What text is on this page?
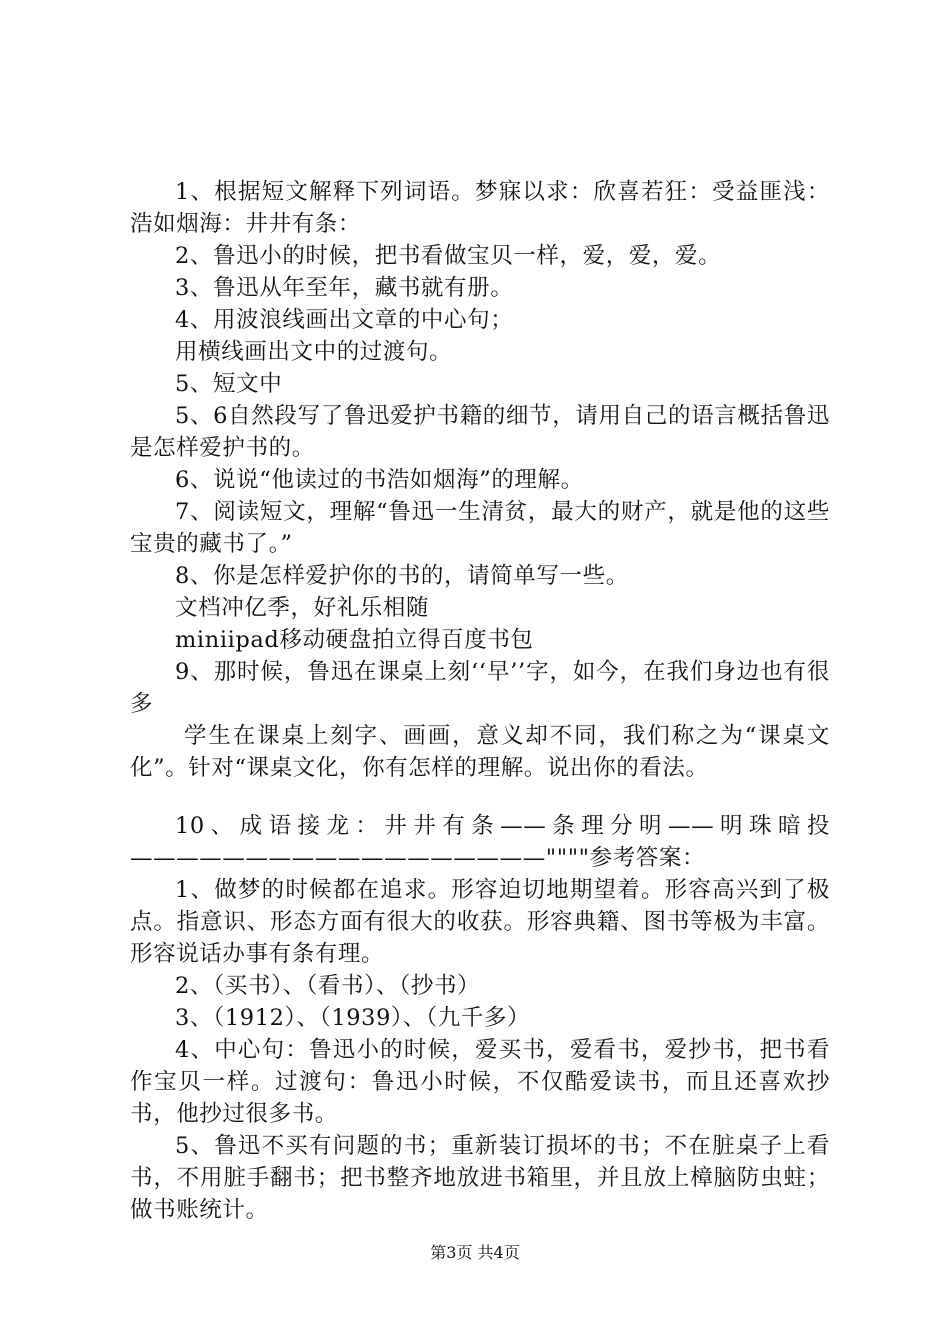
1、根据短文解释下列词语。梦寐以求：欣喜若狂：受益匪浅：浩如烟海：井井有条：

2、鲁迅小的时候，把书看做宝贝一样，爱，爱，爱。

3、鲁迅从年至年，藏书就有册。

4、用波浪线画出文章的中心句；

用横线画出文中的过渡句。

5、短文中

5、6自然段写了鲁迅爱护书籍的细节，请用自己的语言概括鲁迅是怎样爱护书的。

6、说说“他读过的书浩如烟海”的理解。

7、阅读短文，理解“鲁迅一生清贫，最大的财产，就是他的这些宝贵的藏书了。”

8、你是怎样爱护你的书的，请简单写一些。

文档冲亿季，好礼乐相随

miniipad移动硬盘拍立得百度书包

9、那时候，鲁迅在课桌上刻‘‘早’’字，如今，在我们身边也有很多

学生在课桌上刻字、画画，意义却不同，我们称之为“课桌文化”。针对“课桌文化，你有怎样的理解。说出你的看法。

10、成语接龙：井井有条——条理分明——明珠暗投——————————————————""""参考答案：

1、做梦的时候都在追求。形容迫切地期望着。形容高兴到了极点。指意识、形态方面有很大的收获。形容典籍、图书等极为丰富。形容说话办事有条有理。

2、（买书）、（看书）、（抄书）

3、（1912）、（1939）、（九千多）

4、中心句：鲁迅小的时候，爱买书，爱看书，爱抄书，把书看作宝贝一样。过渡句：鲁迅小时候，不仅酷爱读书，而且还喜欢抄书，他抄过很多书。

5、鲁迅不买有问题的书；重新装订损坏的书；不在脏桌子上看书，不用脏手翻书；把书整齐地放进书箱里，并且放上樟脑防虫蛀；做书账统计。

第3页 共4页
